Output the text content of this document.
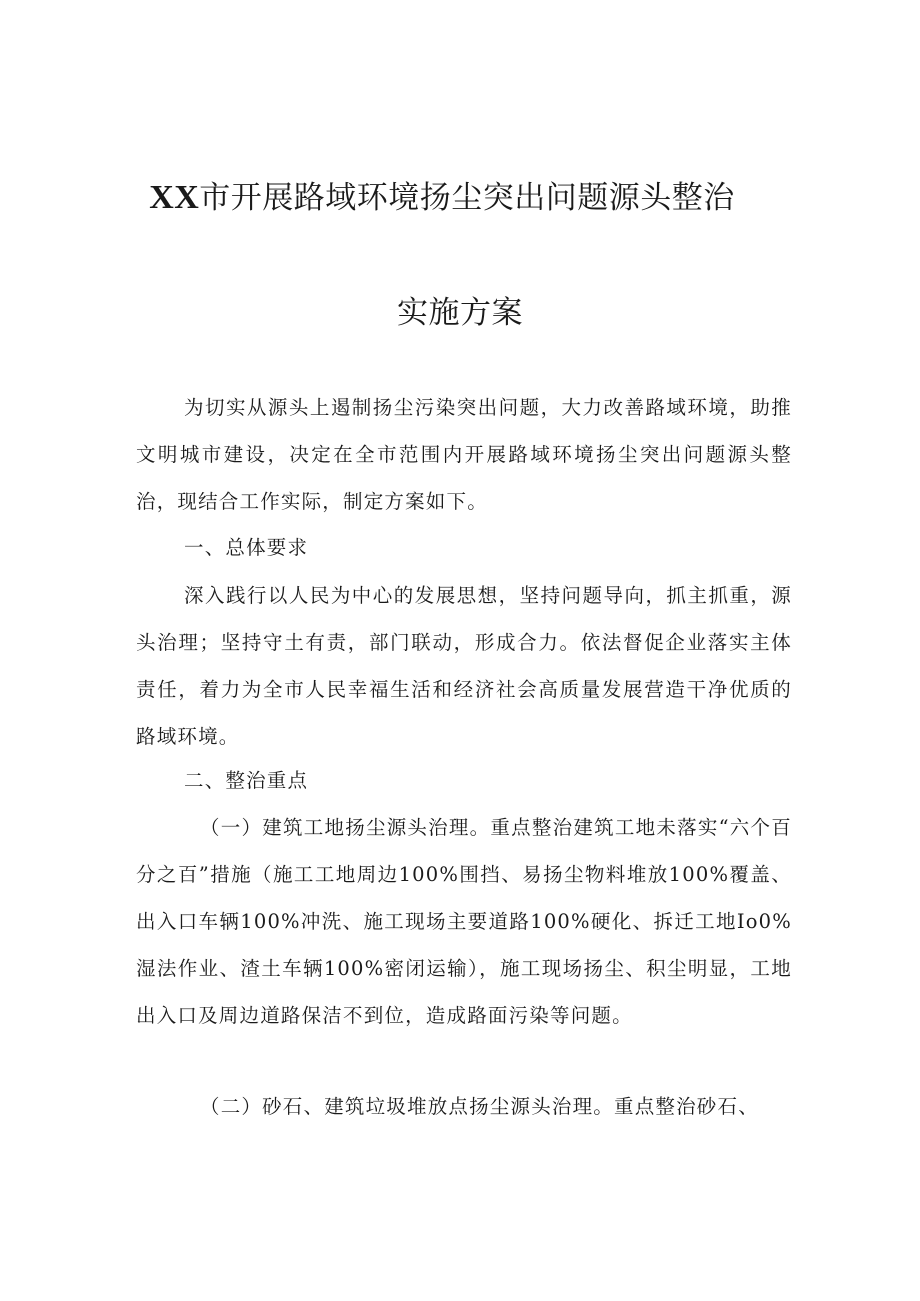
XX市开展路域环境扬尘突出问题源头整治
实施方案

为切实从源头上遏制扬尘污染突出问题，大力改善路域环境，助推文明城市建设，决定在全市范围内开展路域环境扬尘突出问题源头整治，现结合工作实际，制定方案如下。

一、总体要求

深入践行以人民为中心的发展思想，坚持问题导向，抓主抓重，源头治理；坚持守土有责，部门联动，形成合力。依法督促企业落实主体责任，着力为全市人民幸福生活和经济社会高质量发展营造干净优质的路域环境。

二、整治重点

（一）建筑工地扬尘源头治理。重点整治建筑工地未落实“六个百分之百”措施（施工工地周边100%围挡、易扬尘物料堆放100%覆盖、出入口车辆100%冲洗、施工现场主要道路100%硬化、拆迁工地Io0%湿法作业、渣土车辆100%密闭运输），施工现场扬尘、积尘明显，工地出入口及周边道路保洁不到位，造成路面污染等问题。

（二）砂石、建筑垃圾堆放点扬尘源头治理。重点整治砂石、
